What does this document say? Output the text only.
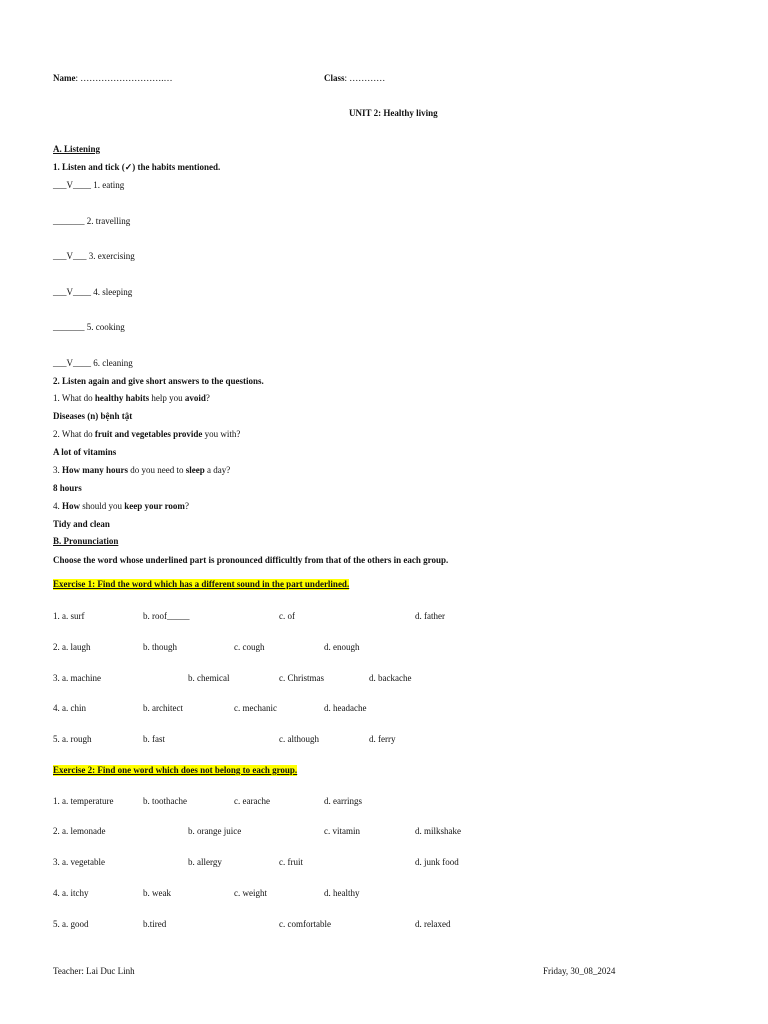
Name: ……………………….…	Class: …………
UNIT 2: Healthy living
A. Listening
1. Listen and tick (✓) the habits mentioned.
___V____ 1. eating
_______ 2. travelling
___V___ 3. exercising
___V____ 4. sleeping
_______ 5. cooking
___V____ 6. cleaning
2. Listen again and give short answers to the questions.
1. What do healthy habits help you avoid?
Diseases (n) bệnh tật
2. What do fruit and vegetables provide you with?
A lot of vitamins
3. How many hours do you need to sleep a day?
8 hours
4. How should you keep your room?
Tidy and clean
B. Pronunciation
Choose the word whose underlined part is pronounced difficultly from that of the others in each group.
Exercise 1: Find the word which has a different sound in the part underlined.
1. a. surf	b. roof_____	c. of	d. father
2. a. laugh	b. though	c. cough	d. enough
3. a. machine	b. chemical	c. Christmas	d. backache
4. a. chin	b. architect	c. mechanic	d. headache
5. a. rough	b. fast	c. although	d. ferry
Exercise 2: Find one word which does not belong to each group.
1. a. temperature	b. toothache	c. earache	d. earrings
2. a. lemonade	b. orange juice	c. vitamin	d. milkshake
3. a. vegetable	b. allergy	c. fruit	d. junk food
4. a. itchy	b. weak	c. weight	d. healthy
5. a. good	b.tired	c. comfortable	d. relaxed
Teacher: Lai Duc Linh	Friday, 30_08_2024
